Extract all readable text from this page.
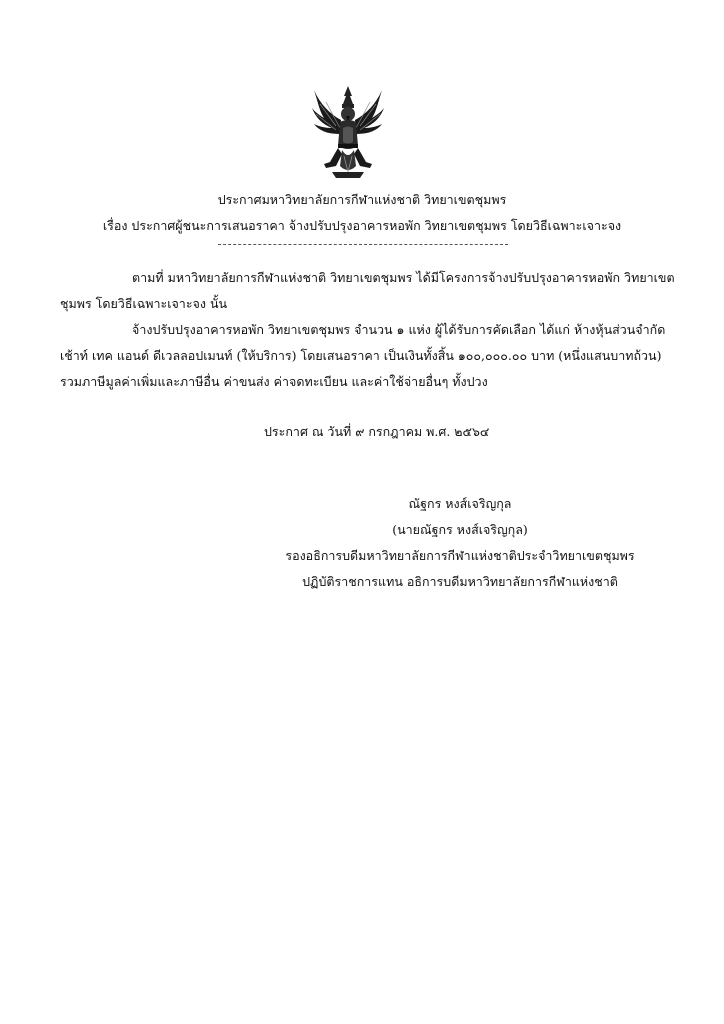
ประกาศมหาวิทยาลัยการกีฬาแห่งชาติ วิทยาเขตชุมพร
เรื่อง ประกาศผู้ชนะการเสนอราคา จ้างปรับปรุงอาคารหอพัก วิทยาเขตชุมพร โดยวิธีเฉพาะเจาะจง
ตามที่ มหาวิทยาลัยการกีฬาแห่งชาติ วิทยาเขตชุมพร ได้มีโครงการจ้างปรับปรุงอาคารหอพัก วิทยาเขต
ชุมพร โดยวิธีเฉพาะเจาะจง นั้น
จ้างปรับปรุงอาคารหอพัก วิทยาเขตชุมพร จำนวน ๑ แห่ง ผู้ได้รับการคัดเลือก ได้แก่ ห้างหุ้นส่วนจำกัด
เช้าท์ เทค แอนด์ ดีเวลลอปเมนท์ (ให้บริการ) โดยเสนอราคา เป็นเงินทั้งสิ้น ๑๐๐,๐๐๐.๐๐ บาท (หนึ่งแสนบาทถ้วน)
รวมภาษีมูลค่าเพิ่มและภาษีอื่น ค่าขนส่ง ค่าจดทะเบียน และค่าใช้จ่ายอื่นๆ ทั้งปวง
ประกาศ ณ วันที่ ๙ กรกฎาคม พ.ศ. ๒๕๖๔
ณัฐกร หงส์เจริญกุล
(นายณัฐกร หงส์เจริญกุล)
รองอธิการบดีมหาวิทยาลัยการกีฬาแห่งชาติประจำวิทยาเขตชุมพร
ปฏิบัติราชการแทน อธิการบดีมหาวิทยาลัยการกีฬาแห่งชาติ
